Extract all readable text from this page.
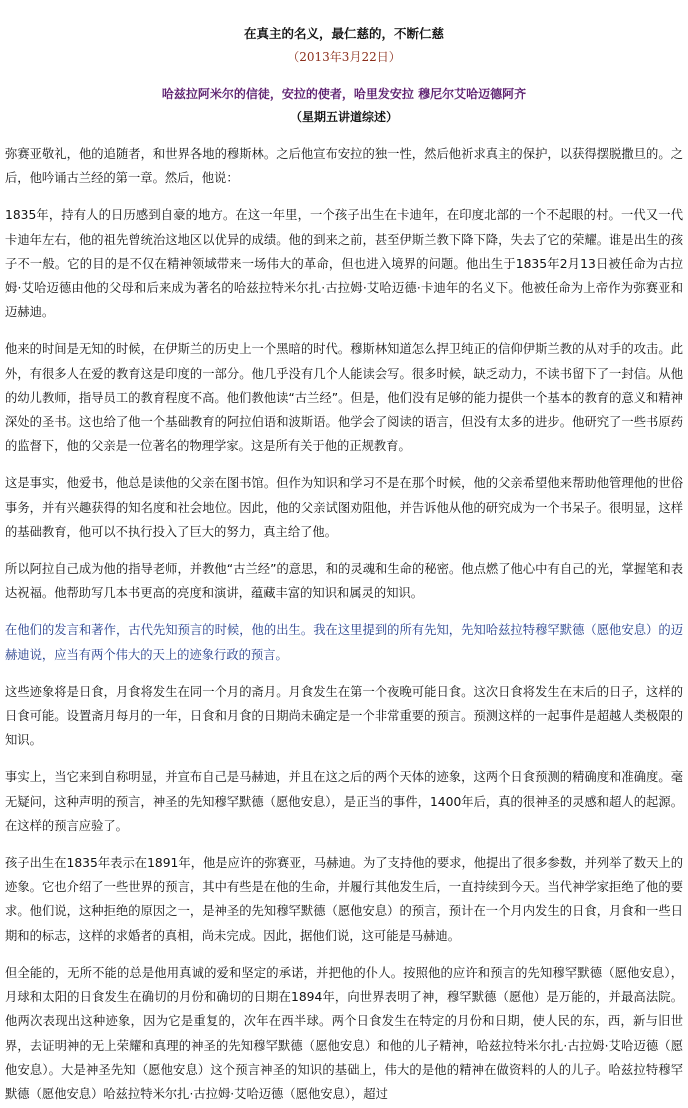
在真主的名义，最仁慈的，不断仁慈
（2013年3月22日）
哈兹拉阿米尔的信徒，安拉的使者，哈里发安拉 穆尼尔艾哈迈德阿齐
（星期五讲道综述）

弥赛亚敬礼，他的追随者，和世界各地的穆斯林。之后他宣布安拉的独一性，然后他祈求真主的保护，以获得摆脱撒旦的。之后，他吟诵古兰经的第一章。然后，他说：

1835年，持有人的日历感到自豪的地方。在这一年里，一个孩子出生在卡迪年，在印度北部的一个不起眼的村。一代又一代卡迪年左右，他的祖先曾统治这地区以优异的成绩。他的到来之前，甚至伊斯兰教下降下降，失去了它的荣耀。谁是出生的孩子不一般。它的目的是不仅在精神领域带来一场伟大的革命，但也进入境界的问题。他出生于1835年2月13日被任命为古拉姆·艾哈迈德由他的父母和后来成为著名的哈兹拉特米尔扎·古拉姆·艾哈迈德·卡迪年的名义下。他被任命为上帝作为弥赛亚和迈赫迪。

他来的时间是无知的时候，在伊斯兰的历史上一个黑暗的时代。穆斯林知道怎么捍卫纯正的信仰伊斯兰教的从对手的攻击。此外，有很多人在爱的教育这是印度的一部分。他几乎没有几个人能读会写。很多时候，缺乏动力，不读书留下了一封信。从他的幼儿教师，指导员工的教育程度不高。他们教他读“古兰经”。但是，他们没有足够的能力提供一个基本的教育的意义和精神深处的圣书。这也给了他一个基础教育的阿拉伯语和波斯语。他学会了阅读的语言，但没有太多的进步。他研究了一些书原药的监督下，他的父亲是一位著名的物理学家。这是所有关于他的正规教育。

这是事实，他爱书，他总是读他的父亲在图书馆。但作为知识和学习不是在那个时候，他的父亲希望他来帮助他管理他的世俗事务，并有兴趣获得的知名度和社会地位。因此，他的父亲试图劝阻他，并告诉他从他的研究成为一个书呆子。很明显，这样的基础教育，他可以不执行投入了巨大的努力，真主给了他。

所以阿拉自己成为他的指导老师，并教他“古兰经”的意思，和的灵魂和生命的秘密。他点燃了他心中有自己的光，掌握笔和表达祝福。他帮助写几本书更高的亮度和演讲，蕴藏丰富的知识和属灵的知识。

在他们的发言和著作，古代先知预言的时候，他的出生。我在这里提到的所有先知，先知哈兹拉特穆罕默德（愿他安息）的迈赫迪说，应当有两个伟大的天上的迹象行政的预言。

这些迹象将是日食，月食将发生在同一个月的斋月。月食发生在第一个夜晚可能日食。这次日食将发生在末后的日子，这样的日食可能。设置斋月每月的一年，日食和月食的日期尚未确定是一个非常重要的预言。预测这样的一起事件是超越人类极限的知识。

事实上，当它来到自称明显，并宣布自己是马赫迪，并且在这之后的两个天体的迹象，这两个日食预测的精确度和准确度。毫无疑问，这种声明的预言，神圣的先知穆罕默德（愿他安息），是正当的事件，1400年后，真的很神圣的灵感和超人的起源。在这样的预言应验了。

孩子出生在1835年表示在1891年，他是应许的弥赛亚，马赫迪。为了支持他的要求，他提出了很多参数，并列举了数天上的迹象。它也介绍了一些世界的预言，其中有些是在他的生命，并履行其他发生后，一直持续到今天。当代神学家拒绝了他的要求。他们说，这种拒绝的原因之一，是神圣的先知穆罕默德（愿他安息）的预言，预计在一个月内发生的日食，月食和一些日期和的标志，这样的求婚者的真相，尚未完成。因此，据他们说，这可能是马赫迪。

但全能的，无所不能的总是他用真诚的爱和坚定的承诺，并把他的仆人。按照他的应许和预言的先知穆罕默德（愿他安息），月球和太阳的日食发生在确切的月份和确切的日期在1894年，向世界表明了神，穆罕默德（愿他）是万能的，并最高法院。他两次表现出这种迹象，因为它是重复的，次年在西半球。两个日食发生在特定的月份和日期，使人民的东，西，新与旧世界，去证明神的无上荣耀和真理的神圣的先知穆罕默德（愿他安息）和他的儿子精神，哈兹拉特米尔扎·古拉姆·艾哈迈德（愿他安息）。大是神圣先知（愿他安息）这个预言神圣的知识的基础上，伟大的是他的精神在做资料的人的儿子。哈兹拉特穆罕默德（愿他安息）哈兹拉特米尔扎·古拉姆·艾哈迈德（愿他安息），超过
